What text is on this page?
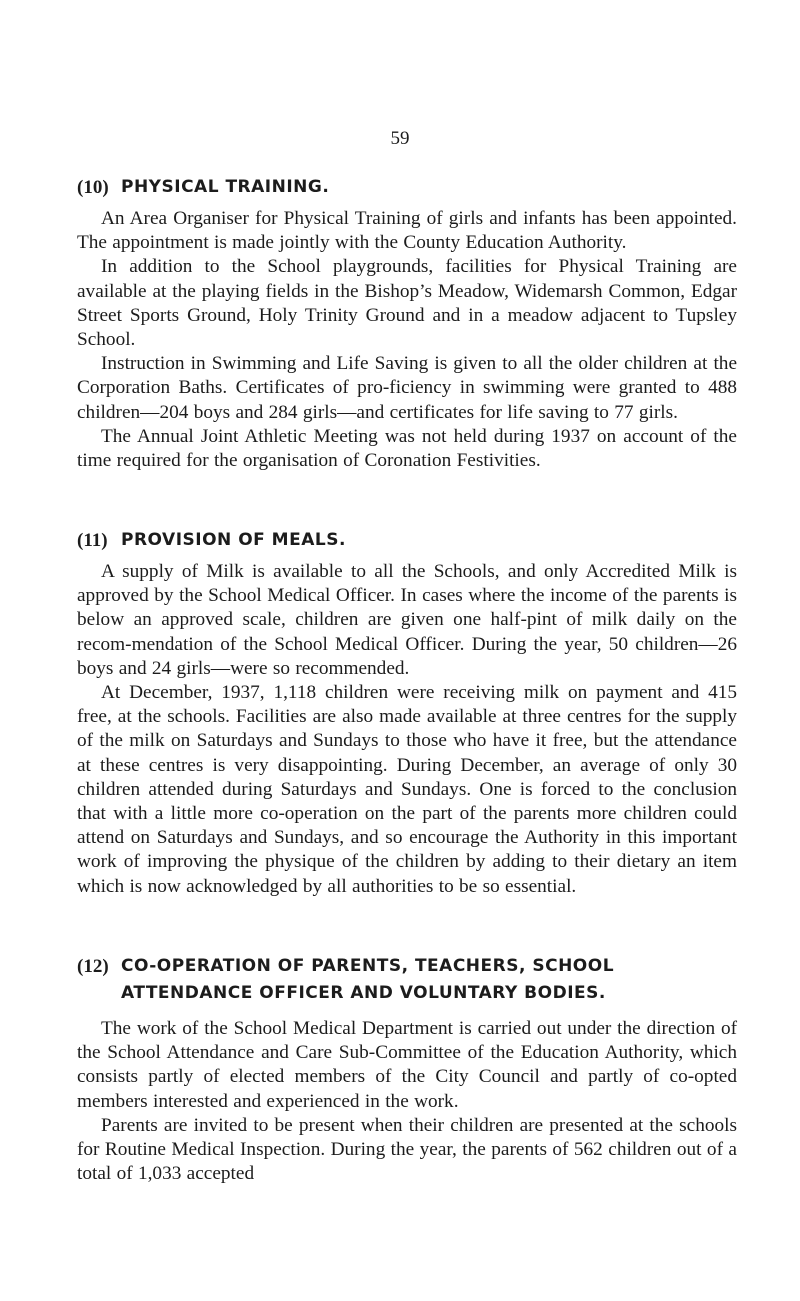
59
(10) PHYSICAL TRAINING.

An Area Organiser for Physical Training of girls and infants has been appointed. The appointment is made jointly with the County Education Authority.

In addition to the School playgrounds, facilities for Physical Training are available at the playing fields in the Bishop’s Meadow, Widemarsh Common, Edgar Street Sports Ground, Holy Trinity Ground and in a meadow adjacent to Tupsley School.

Instruction in Swimming and Life Saving is given to all the older children at the Corporation Baths. Certificates of pro-ficiency in swimming were granted to 488 children—204 boys and 284 girls—and certificates for life saving to 77 girls.

The Annual Joint Athletic Meeting was not held during 1937 on account of the time required for the organisation of Coronation Festivities.

(11) PROVISION OF MEALS.

A supply of Milk is available to all the Schools, and only Accredited Milk is approved by the School Medical Officer. In cases where the income of the parents is below an approved scale, children are given one half-pint of milk daily on the recom-mendation of the School Medical Officer. During the year, 50 children—26 boys and 24 girls—were so recommended.

At December, 1937, 1,118 children were receiving milk on payment and 415 free, at the schools. Facilities are also made available at three centres for the supply of the milk on Saturdays and Sundays to those who have it free, but the attendance at these centres is very disappointing. During December, an average of only 30 children attended during Saturdays and Sundays. One is forced to the conclusion that with a little more co-operation on the part of the parents more children could attend on Saturdays and Sundays, and so encourage the Authority in this important work of improving the physique of the children by adding to their dietary an item which is now acknowledged by all authorities to be so essential.

(12) CO-OPERATION OF PARENTS, TEACHERS, SCHOOL
ATTENDANCE OFFICER AND VOLUNTARY BODIES.

The work of the School Medical Department is carried out under the direction of the School Attendance and Care Sub-Committee of the Education Authority, which consists partly of elected members of the City Council and partly of co-opted members interested and experienced in the work.

Parents are invited to be present when their children are presented at the schools for Routine Medical Inspection. During the year, the parents of 562 children out of a total of 1,033 accepted
